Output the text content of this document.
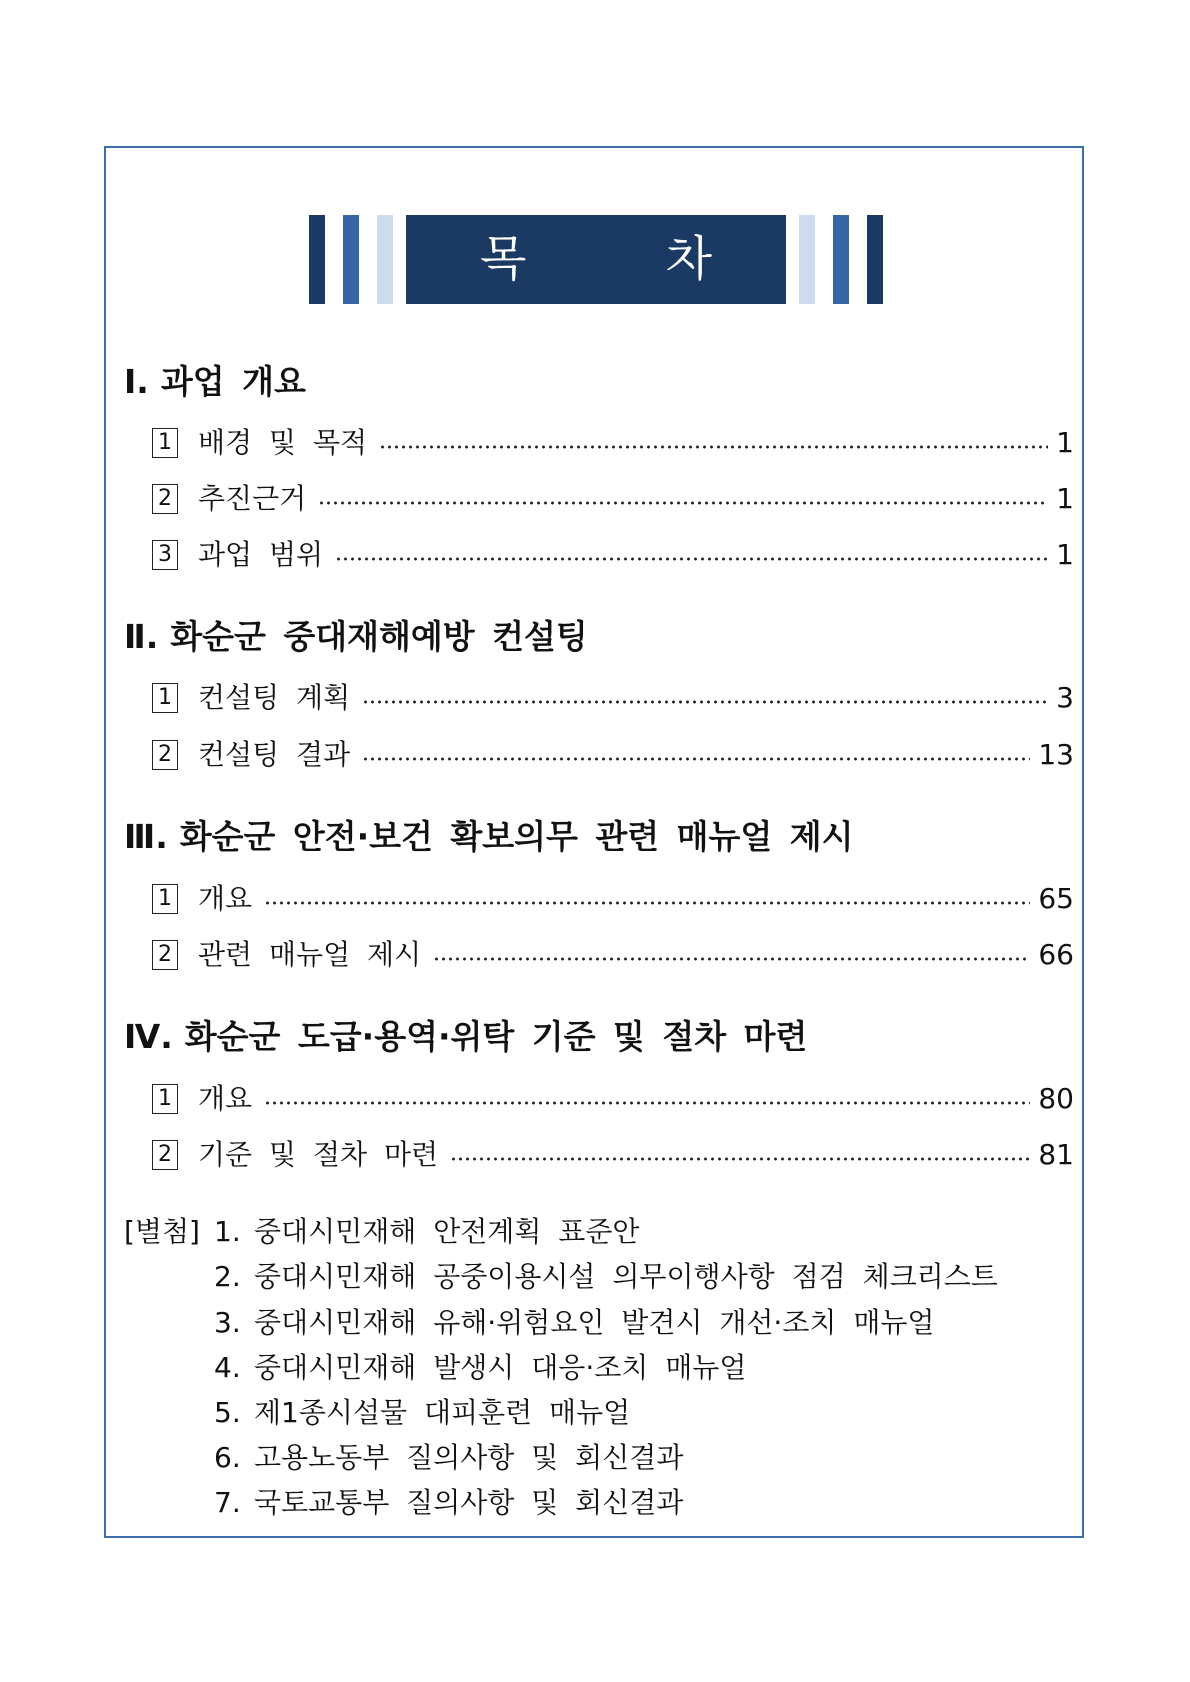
목 차
Ⅰ. 과업 개요
1 배경 및 목적	1
2 추진근거	1
3 과업 범위	1
Ⅱ. 화순군 중대재해예방 컨설팅
1 컨설팅 계획	3
2 컨설팅 결과	13
Ⅲ. 화순군 안전·보건 확보의무 관련 매뉴얼 제시
1 개요	65
2 관련 매뉴얼 제시	66
Ⅳ. 화순군 도급·용역·위탁 기준 및 절차 마련
1 개요	80
2 기준 및 절차 마련	81
[별첨] 1. 중대시민재해 안전계획 표준안
2. 중대시민재해 공중이용시설 의무이행사항 점검 체크리스트
3. 중대시민재해 유해·위험요인 발견시 개선·조치 매뉴얼
4. 중대시민재해 발생시 대응·조치 매뉴얼
5. 제1종시설물 대피훈련 매뉴얼
6. 고용노동부 질의사항 및 회신결과
7. 국토교통부 질의사항 및 회신결과
